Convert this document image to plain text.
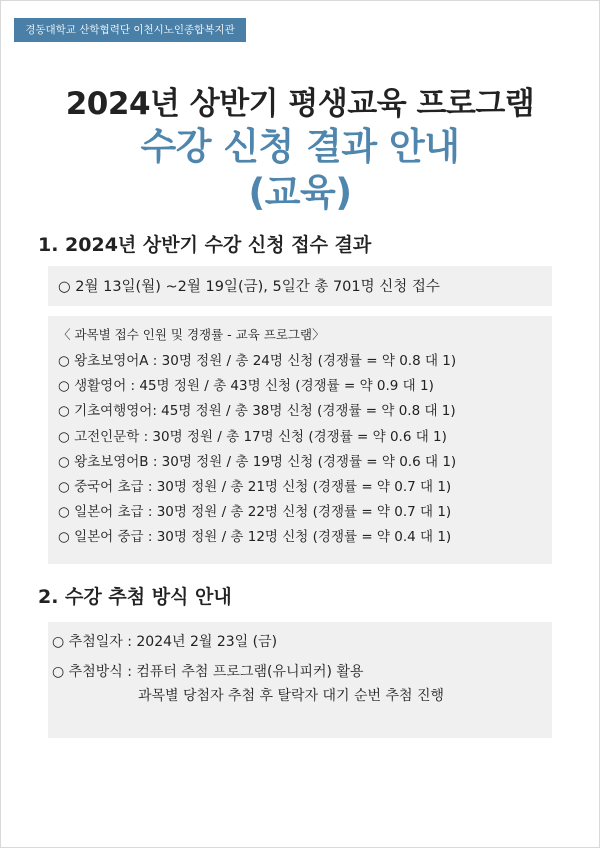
경동대학교 산학협력단 이천시노인종합복지관
2024년 상반기 평생교육 프로그램
수강 신청 결과 안내
(교육)
1. 2024년 상반기 수강 신청 접수 결과
○ 2월 13일(월) ~2월 19일(금), 5일간 총 701명 신청 접수
〈 과목별 접수 인원 및 경쟁률 - 교육 프로그램〉
○ 왕초보영어A : 30명 정원 / 총 24명 신청 (경쟁률 = 약 0.8 대 1)
○ 생활영어 : 45명 정원 / 총 43명 신청 (경쟁률 = 약 0.9 대 1)
○ 기초여행영어: 45명 정원 / 총 38명 신청 (경쟁률 = 약 0.8 대 1)
○ 고전인문학 : 30명 정원 / 총 17명 신청 (경쟁률 = 약 0.6 대 1)
○ 왕초보영어B : 30명 정원 / 총 19명 신청 (경쟁률 = 약 0.6 대 1)
○ 중국어 초급 : 30명 정원 / 총 21명 신청 (경쟁률 = 약 0.7 대 1)
○ 일본어 초급 : 30명 정원 / 총 22명 신청 (경쟁률 = 약 0.7 대 1)
○ 일본어 중급 : 30명 정원 / 총 12명 신청 (경쟁률 = 약 0.4 대 1)
2. 수강 추첨 방식 안내
○ 추첨일자 : 2024년 2월 23일 (금)
○ 추첨방식 : 컴퓨터 추첨 프로그램(유니피커) 활용
과목별 당첨자 추첨 후 탈락자 대기 순번 추첨 진행
